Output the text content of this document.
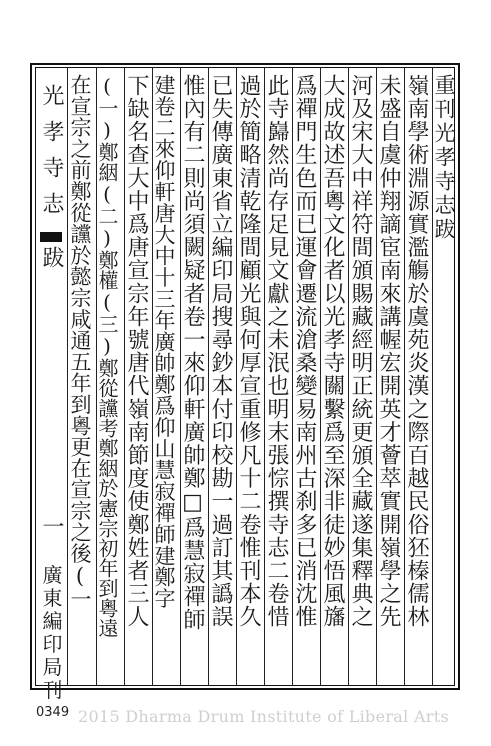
光孝寺志跋
一 廣東編印局刊
重刊光孝寺志跋
嶺南學術淵源實濫觴於虞苑炎漢之際百越民俗狉榛儒林
未盛自虞仲翔謫宦南來講幄宏開英才薈萃實開嶺學之先
河及宋大中祥符間頒賜藏經明正統更頒全藏遂集釋典之
大成故述吾粵文化者以光孝寺關繫爲至深非徒妙悟風旛
爲禪門生色而已運會遷流滄桑變易南州古刹多已消沈惟
此寺巋然尚存足見文獻之未泯也明末張悰撰寺志二卷惜
過於簡略清乾隆間顧光與何厚宣重修凡十二卷惟刊本久
已失傳廣東省立編印局搜尋鈔本付印校勘一過訂其譌誤
惟內有二則尚須闕疑者卷一來仰軒廣帥鄭□爲慧寂禪師
建卷二來仰軒唐大中十三年廣帥鄭爲仰山慧寂禪師建鄭字
下缺名查大中爲唐宣宗年號唐代嶺南節度使鄭姓者三人
(一)鄭絪(二)鄭權(三)鄭從讜考鄭絪於憲宗初年到粵遠
在宣宗之前鄭從讜於懿宗咸通五年到粵更在宣宗之後(一
0349 2015 Dharma Drum Institute of Liberal Arts
